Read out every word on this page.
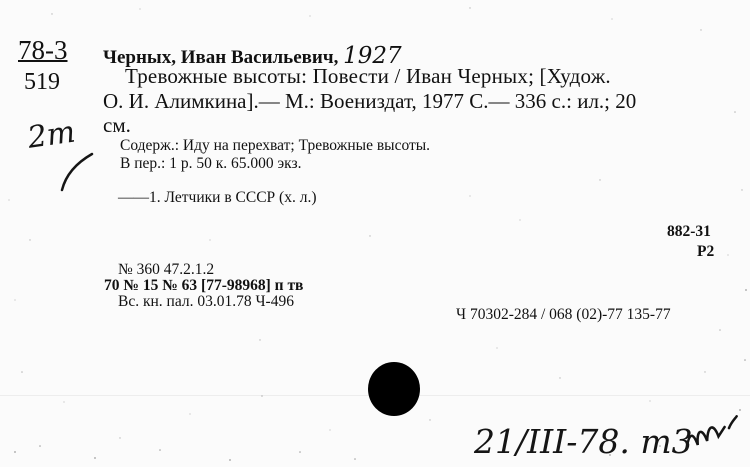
78-3
519
Черных, Иван Васильевич, 1927
Тревожные высоты: Повести / Иван Черных; [Худож.
О. И. Алимкина].— М.: Воениздат, 1977 С.— 336 с.: ил.; 20
см.
2m	Содерж.: Иду на перехват; Тревожные высоты.
В пер.: 1 р. 50 к. 65.000 экз.
——1. Летчики в СССР (х. л.)
882-31
Р2
№ 360 47.2.1.2
70 № 15 № 63 [77-98968] п тв
Вс. кн. пал. 03.01.78 Ч-496
Ч 70302-284 / 068 (02)-77 135-77
21/III-78. m3
